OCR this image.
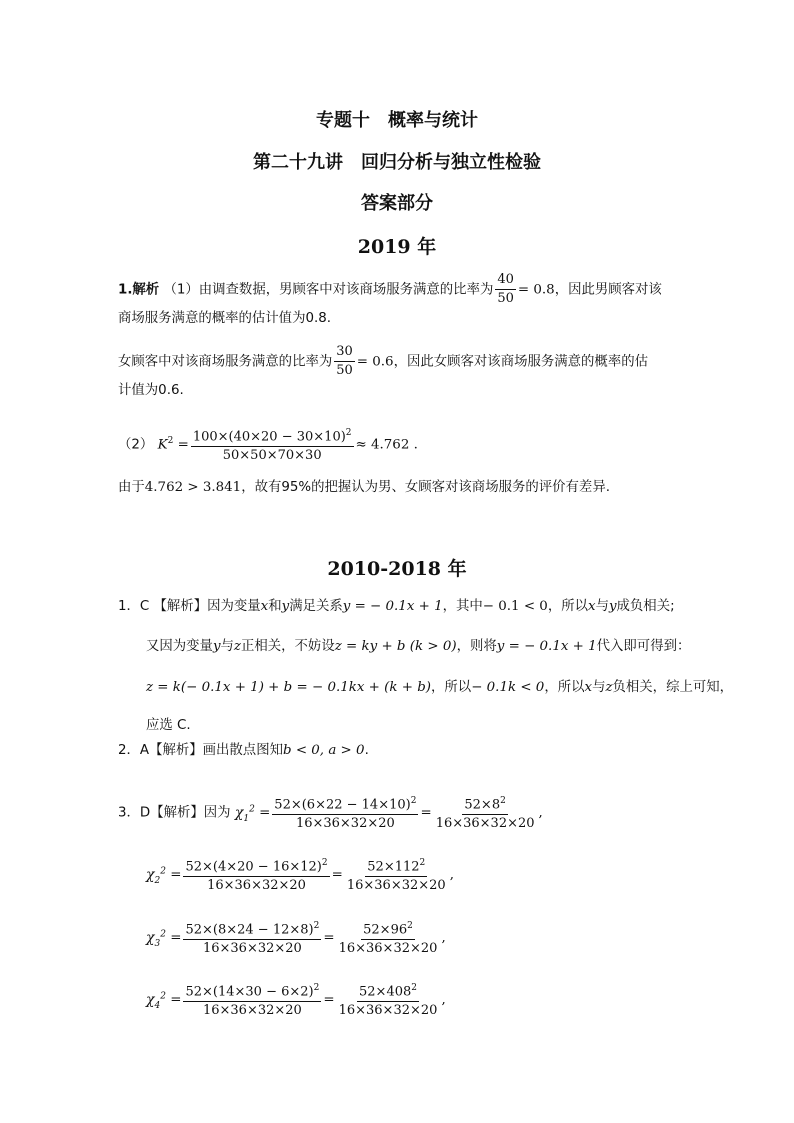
专题十　概率与统计
第二十九讲　回归分析与独立性检验
答案部分
2019 年
1.解析 （1）由调查数据，男顾客中对该商场服务满意的比率为 $\frac{40}{50} = 0.8$，因此男顾客对该
商场服务满意的概率的估计值为0.8.
女顾客中对该商场服务满意的比率为 $\frac{30}{50} = 0.6$，因此女顾客对该商场服务满意的概率的估
计值为0.6.
（2） $K^2 = \frac{100\times(40\times 20 - 30\times 10)^2}{50\times 50\times 70\times 30} \approx 4.762$ .
由于4.762 > 3.841，故有95%的把握认为男、女顾客对该商场服务的评价有差异.
2010-2018 年
1．C 【解析】因为变量x和y满足关系y = − 0.1x + 1，其中− 0.1 < 0，所以x与y成负相关;
又因为变量y与z正相关，不妨设z = ky + b (k > 0)，则将y = − 0.1x + 1代入即可得到：
z = k(− 0.1x + 1) + b = − 0.1kx + (k + b)，所以− 0.1k < 0，所以x与z负相关，综上可知，
应选 C.
2．A【解析】画出散点图知b < 0, a > 0.
3．D【解析】因为 $\chi_1^2 = \frac{52\times(6\times 22 - 14\times 10)^2}{16\times 36\times 32\times 20} = \frac{52\times 8^2}{16\times 36\times 32\times 20}$ ,
$\chi_2^2 = \frac{52\times(4\times 20 - 16\times 12)^2}{16\times 36\times 32\times 20} = \frac{52\times 112^2}{16\times 36\times 32\times 20}$ ,
$\chi_3^2 = \frac{52\times(8\times 24 - 12\times 8)^2}{16\times 36\times 32\times 20} = \frac{52\times 96^2}{16\times 36\times 32\times 20}$ ,
$\chi_4^2 = \frac{52\times(14\times 30 - 6\times 2)^2}{16\times 36\times 32\times 20} = \frac{52\times 408^2}{16\times 36\times 32\times 20}$ ,
